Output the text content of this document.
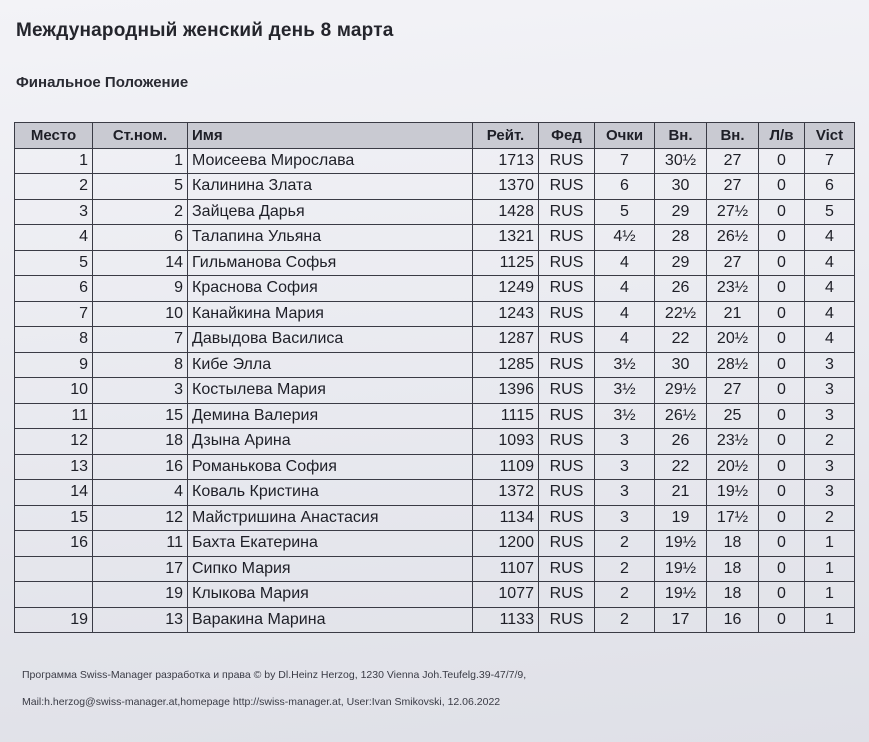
Международный женский день 8 марта
Финальное Положение
Место	Ст.ном.	Имя	Рейт.	Фед	Очки	Вн.	Вн.	Л/в	Vict
1	1	Моисеева Мирослава	1713	RUS	7	30½	27	0	7
2	5	Калинина Злата	1370	RUS	6	30	27	0	6
3	2	Зайцева Дарья	1428	RUS	5	29	27½	0	5
4	6	Талапина Ульяна	1321	RUS	4½	28	26½	0	4
5	14	Гильманова Софья	1125	RUS	4	29	27	0	4
6	9	Краснова София	1249	RUS	4	26	23½	0	4
7	10	Канайкина Мария	1243	RUS	4	22½	21	0	4
8	7	Давыдова Василиса	1287	RUS	4	22	20½	0	4
9	8	Кибе Элла	1285	RUS	3½	30	28½	0	3
10	3	Костылева Мария	1396	RUS	3½	29½	27	0	3
11	15	Демина Валерия	1115	RUS	3½	26½	25	0	3
12	18	Дзына Арина	1093	RUS	3	26	23½	0	2
13	16	Романькова София	1109	RUS	3	22	20½	0	3
14	4	Коваль Кристина	1372	RUS	3	21	19½	0	3
15	12	Майстришина Анастасия	1134	RUS	3	19	17½	0	2
16	11	Бахта Екатерина	1200	RUS	2	19½	18	0	1
	17	Сипко Мария	1107	RUS	2	19½	18	0	1
	19	Клыкова Мария	1077	RUS	2	19½	18	0	1
19	13	Варакина Марина	1133	RUS	2	17	16	0	1
Программа Swiss-Manager разработка и права © by Dl.Heinz Herzog, 1230 Vienna Joh.Teufelg.39-47/7/9,
Mail:h.herzog@swiss-manager.at,homepage http://swiss-manager.at, User:Ivan Smikovski, 12.06.2022
